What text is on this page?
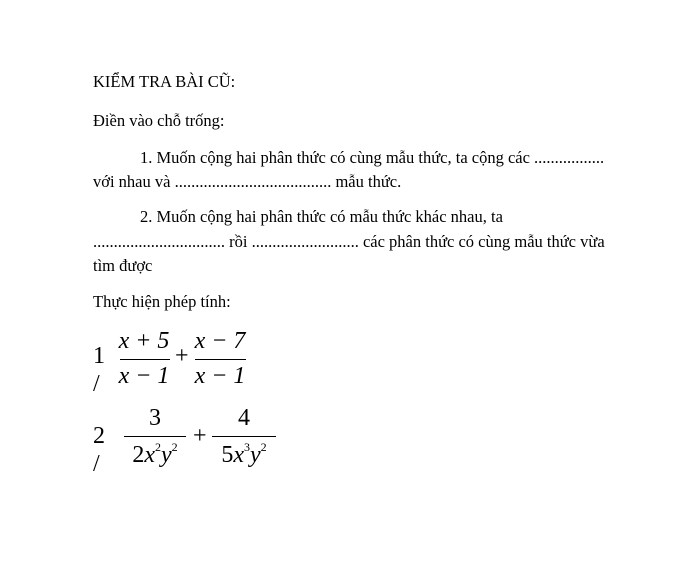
KIỂM TRA BÀI CŨ:
Điền vào chỗ trống:
1. Muốn cộng hai phân thức có cùng mẫu thức, ta cộng các .................
với nhau và ...................................... mẫu thức.
2. Muốn cộng hai phân thức có mẫu thức khác nhau, ta
................................ rồi .......................... các phân thức có cùng mẫu thức vừa
tìm được
Thực hiện phép tính:
1 /
x + 5
x − 1
+
x − 7
x − 1
2 /
3
$2x^2y^2$ +
4
$5x^3y^2$
